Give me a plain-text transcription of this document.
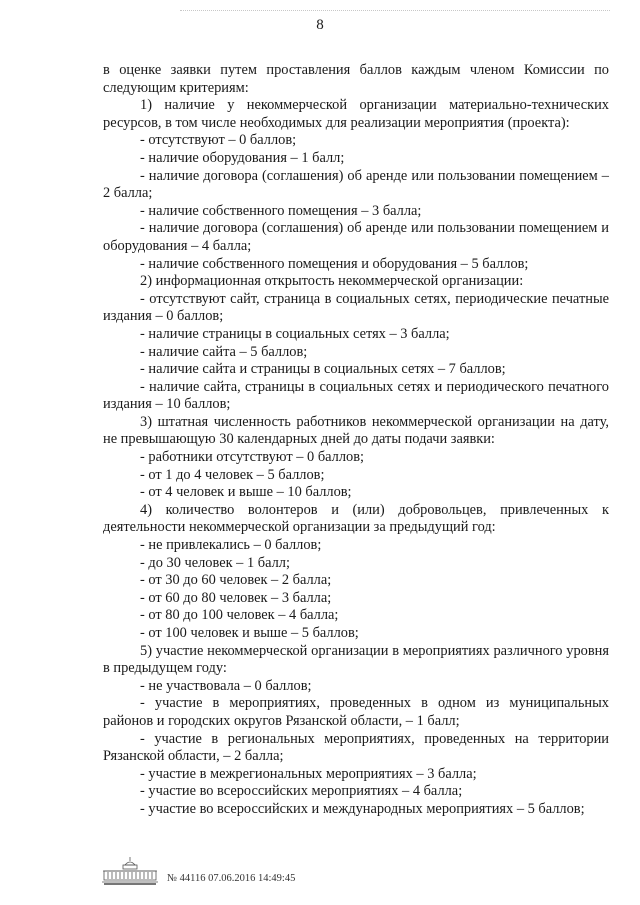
8

в оценке заявки путем проставления баллов каждым членом Комиссии по следующим критериям:

1) наличие у некоммерческой организации материально-технических ресурсов, в том числе необходимых для реализации мероприятия (проекта):

- отсутствуют – 0 баллов;

- наличие оборудования – 1 балл;

- наличие договора (соглашения) об аренде или пользовании помещением – 2 балла;

- наличие собственного помещения – 3 балла;

- наличие договора (соглашения) об аренде или пользовании помещением и оборудования – 4 балла;

- наличие собственного помещения и оборудования – 5 баллов;

2) информационная открытость некоммерческой организации:

- отсутствуют сайт, страница в социальных сетях, периодические печатные издания – 0 баллов;

- наличие страницы в социальных сетях – 3 балла;

- наличие сайта – 5 баллов;

- наличие сайта и страницы в социальных сетях – 7 баллов;

- наличие сайта, страницы в социальных сетях и периодического печатного издания – 10 баллов;

3) штатная численность работников некоммерческой организации на дату, не превышающую 30 календарных дней до даты подачи заявки:

- работники отсутствуют – 0 баллов;

- от 1 до 4 человек – 5 баллов;

- от 4 человек и выше – 10 баллов;

4) количество волонтеров и (или) добровольцев, привлеченных к деятельности некоммерческой организации за предыдущий год:

- не привлекались – 0 баллов;

- до 30 человек – 1 балл;

- от 30 до 60 человек – 2 балла;

- от 60 до 80 человек – 3 балла;

- от 80 до 100 человек – 4 балла;

- от 100 человек и выше – 5 баллов;

5) участие некоммерческой организации в мероприятиях различного уровня в предыдущем году:

- не участвовала – 0 баллов;

- участие в мероприятиях, проведенных в одном из муниципальных районов и городских округов Рязанской области, – 1 балл;

- участие в региональных мероприятиях, проведенных на территории Рязанской области, – 2 балла;

- участие в межрегиональных мероприятиях – 3 балла;

- участие во всероссийских мероприятиях – 4 балла;

- участие во всероссийских и международных мероприятиях – 5 баллов;

№ 44116 07.06.2016 14:49:45
